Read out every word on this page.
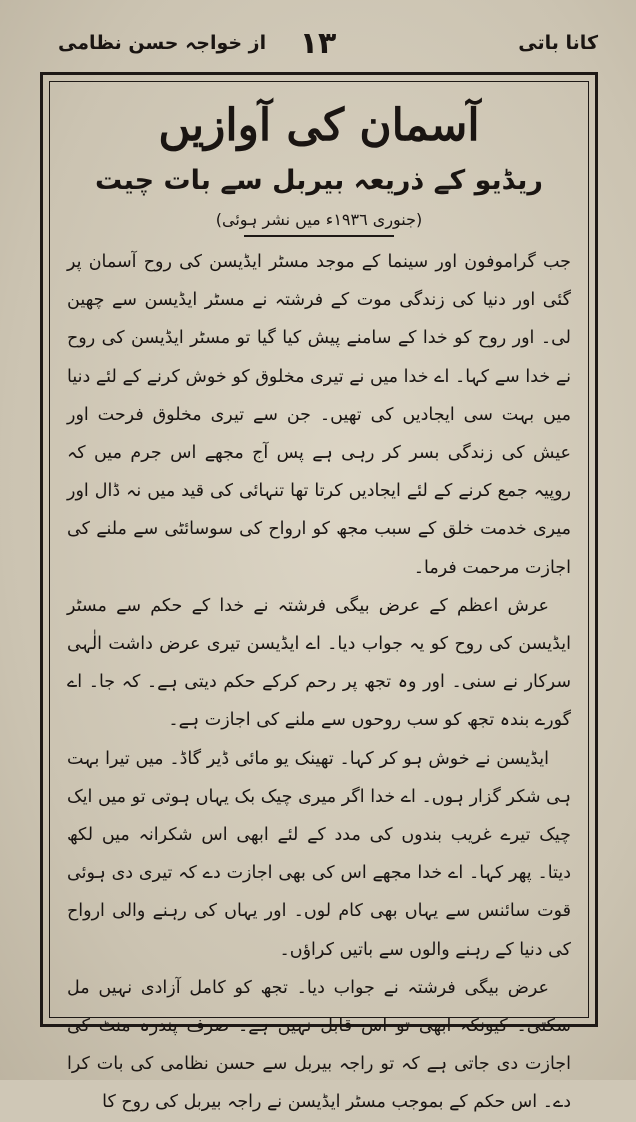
کانا باتی
١٣
از خواجہ حسن نظامی
آسمان کی آوازیں
ریڈیو کے ذریعہ بیربل سے بات چیت
(جنوری ١٩٣٦ء میں نشر ہوئی)

جب گراموفون اور سینما کے موجد مسٹر ایڈیسن کی روح آسمان پر گئی اور دنیا کی زندگی موت کے فرشتہ نے مسٹر ایڈیسن سے چھین لی۔ اور روح کو خدا کے سامنے پیش کیا گیا تو مسٹر ایڈیسن کی روح نے خدا سے کہا۔ اے خدا میں نے تیری مخلوق کو خوش کرنے کے لئے دنیا میں بہت سی ایجادیں کی تھیں۔ جن سے تیری مخلوق فرحت اور عیش کی زندگی بسر کر رہی ہے پس آج مجھے اس جرم میں کہ روپیہ جمع کرنے کے لئے ایجادیں کرتا تھا تنہائی کی قید میں نہ ڈال اور میری خدمت خلق کے سبب مجھ کو ارواح کی سوسائٹی سے ملنے کی اجازت مرحمت فرما۔

عرش اعظم کے عرض بیگی فرشتہ نے خدا کے حکم سے مسٹر ایڈیسن کی روح کو یہ جواب دیا۔ اے ایڈیسن تیری عرض داشت الٰہی سرکار نے سنی۔ اور وہ تجھ پر رحم کرکے حکم دیتی ہے۔ کہ جا۔ اے گورے بندہ تجھ کو سب روحوں سے ملنے کی اجازت ہے۔

ایڈیسن نے خوش ہو کر کہا۔ تھینک یو مائی ڈیر گاڈ۔ میں تیرا بہت ہی شکر گزار ہوں۔ اے خدا اگر میری چیک بک یہاں ہوتی تو میں ایک چیک تیرے غریب بندوں کی مدد کے لئے ابھی اس شکرانہ میں لکھ دیتا۔ پھر کہا۔ اے خدا مجھے اس کی بھی اجازت دے کہ تیری دی ہوئی قوت سائنس سے یہاں بھی کام لوں۔ اور یہاں کی رہنے والی ارواح کی دنیا کے رہنے والوں سے باتیں کراؤں۔

عرض بیگی فرشتہ نے جواب دیا۔ تجھ کو کامل آزادی نہیں مل سکتی۔ کیونکہ ابھی تو اس قابل نہیں ہے۔ صرف پندرہ منٹ کی اجازت دی جاتی ہے کہ تو راجہ بیربل سے حسن نظامی کی بات کرا دے۔ اس حکم کے بموجب مسٹر ایڈیسن نے راجہ بیربل کی روح کا
